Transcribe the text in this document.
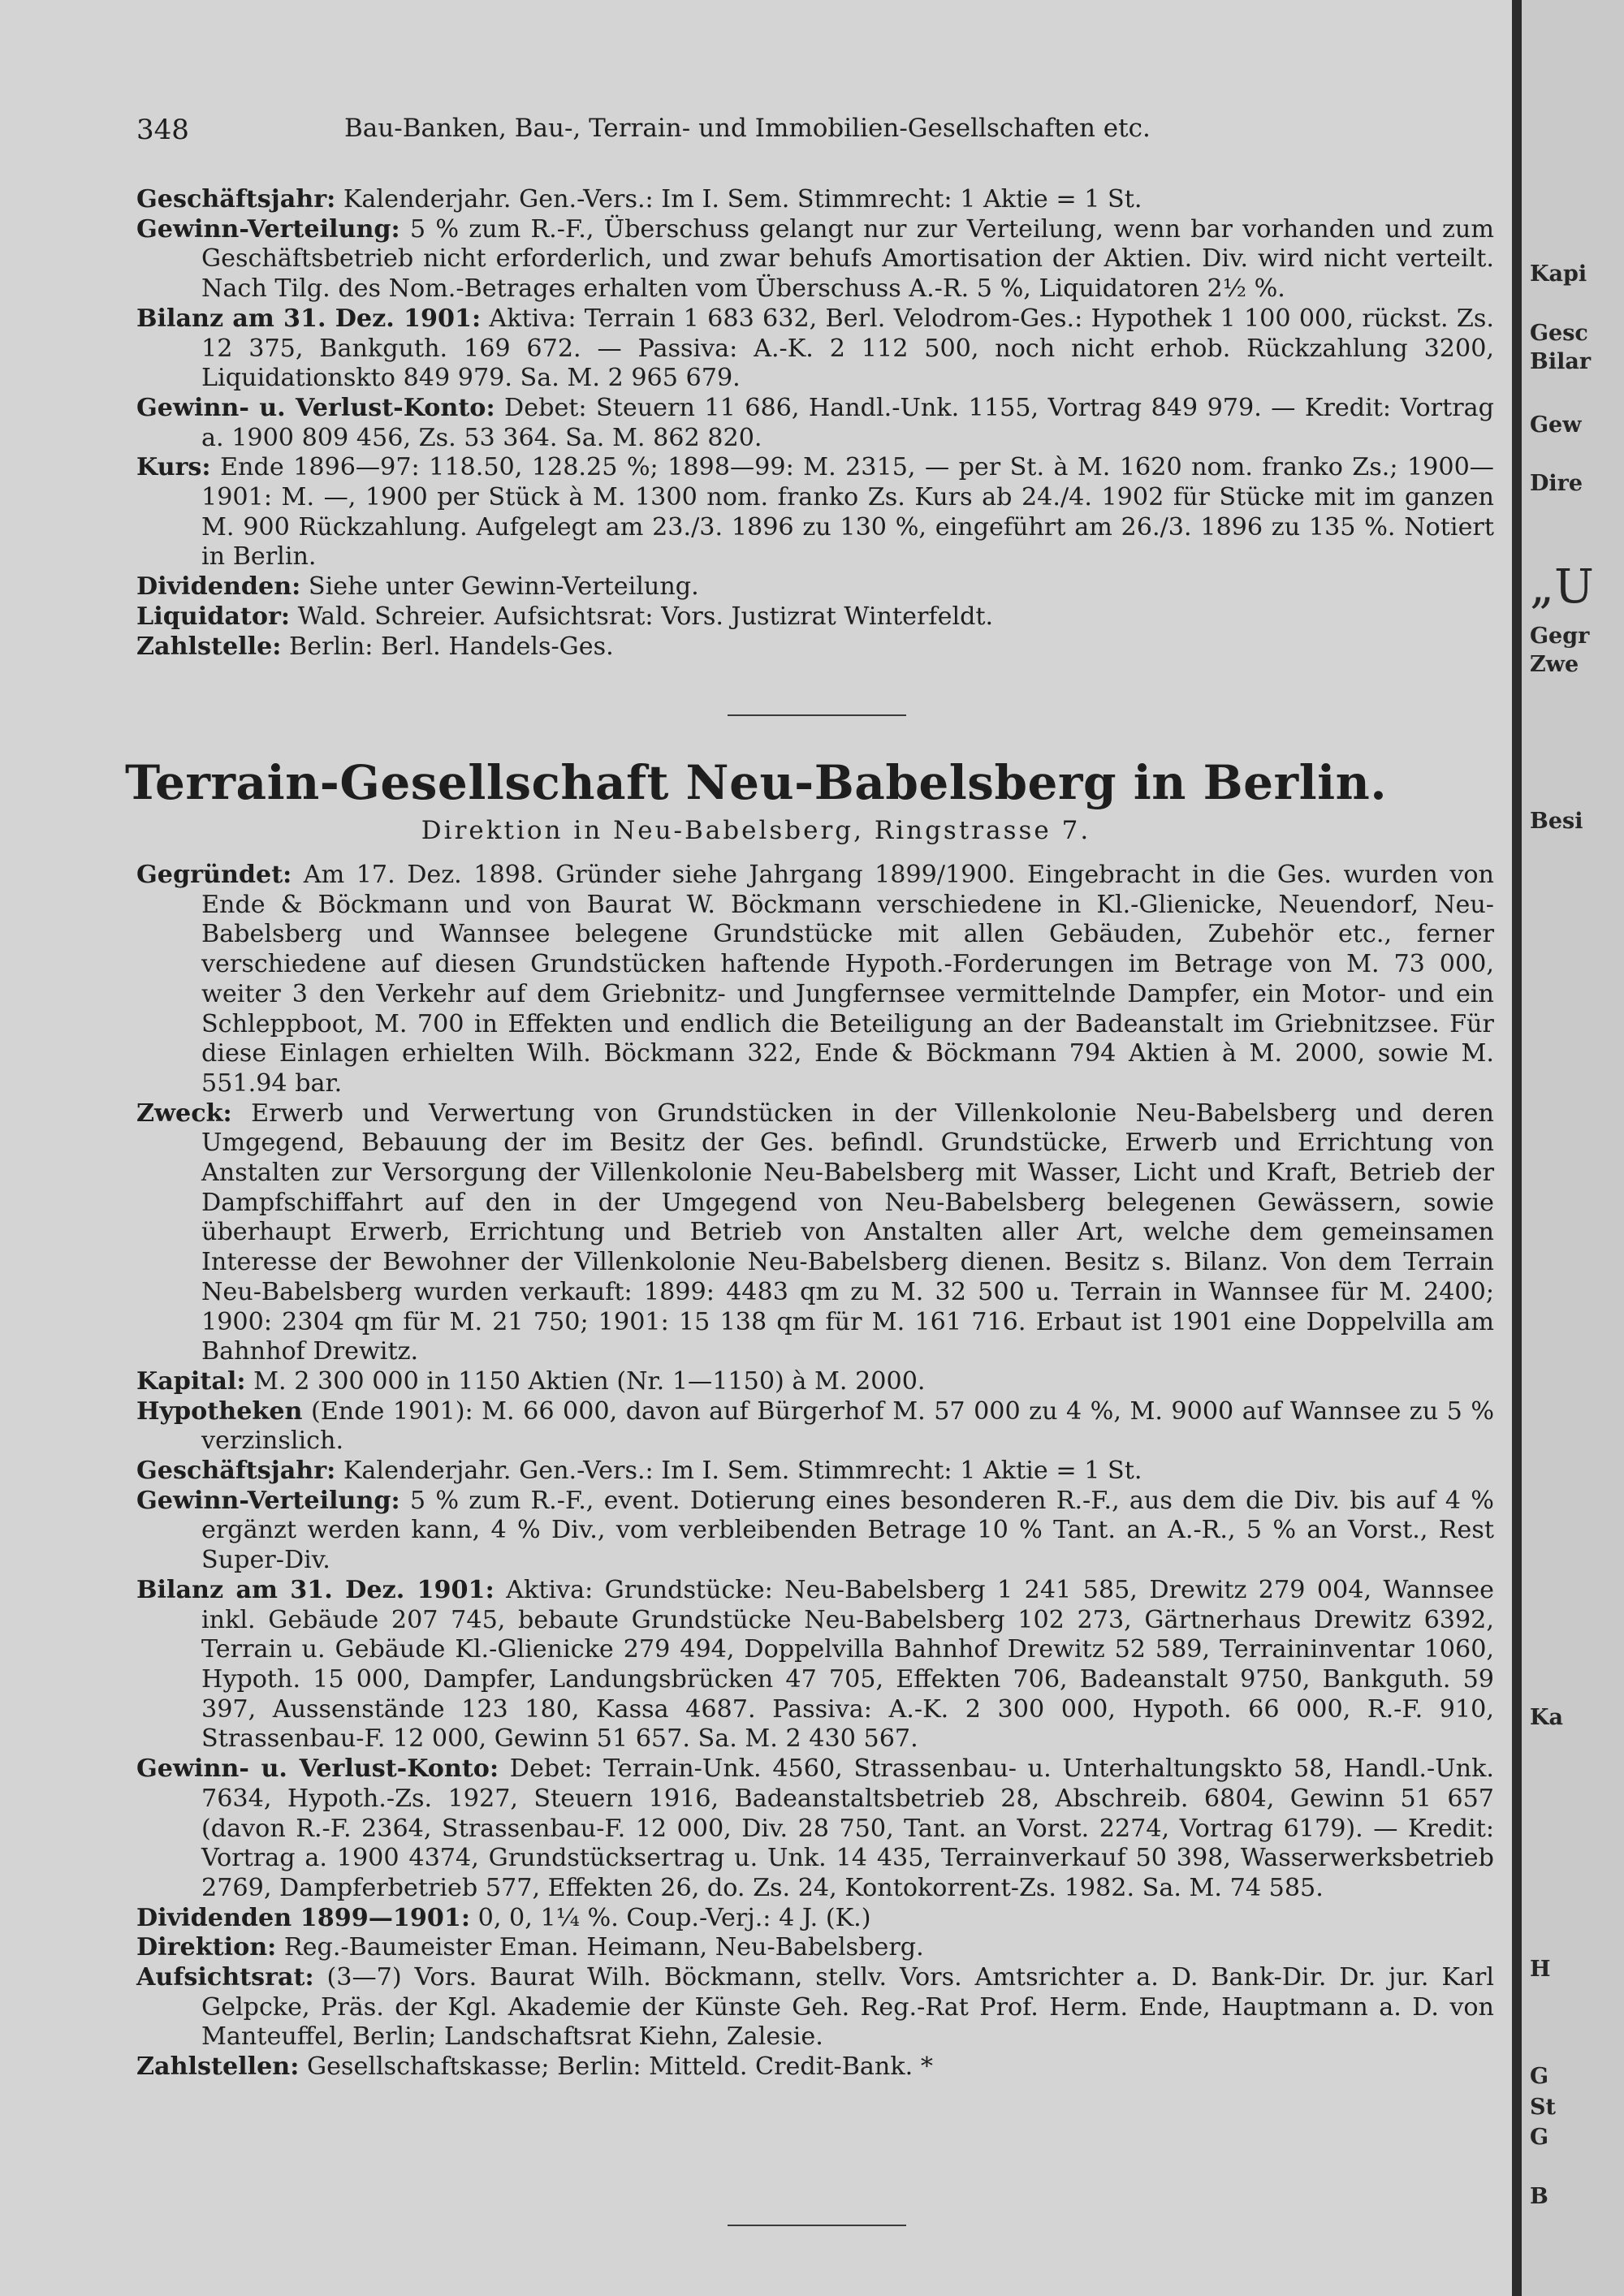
348	Bau-Banken, Bau-, Terrain- und Immobilien-Gesellschaften etc.

Geschäftsjahr: Kalenderjahr. Gen.-Vers.: Im I. Sem. Stimmrecht: 1 Aktie = 1 St.

Gewinn-Verteilung: 5 % zum R.-F., Überschuss gelangt nur zur Verteilung, wenn bar vorhanden und zum Geschäftsbetrieb nicht erforderlich, und zwar behufs Amortisation der Aktien. Div. wird nicht verteilt. Nach Tilg. des Nom.-Betrages erhalten vom Überschuss A.-R. 5 %, Liquidatoren 2½ %.

Bilanz am 31. Dez. 1901: Aktiva: Terrain 1 683 632, Berl. Velodrom-Ges.: Hypothek 1 100 000, rückst. Zs. 12 375, Bankguth. 169 672. — Passiva: A.-K. 2 112 500, noch nicht erhob. Rückzahlung 3200, Liquidationskto 849 979. Sa. M. 2 965 679.

Gewinn- u. Verlust-Konto: Debet: Steuern 11 686, Handl.-Unk. 1155, Vortrag 849 979. — Kredit: Vortrag a. 1900 809 456, Zs. 53 364. Sa. M. 862 820.

Kurs: Ende 1896—97: 118.50, 128.25 %; 1898—99: M. 2315, — per St. à M. 1620 nom. franko Zs.; 1900—1901: M. —, 1900 per Stück à M. 1300 nom. franko Zs. Kurs ab 24./4. 1902 für Stücke mit im ganzen M. 900 Rückzahlung. Aufgelegt am 23./3. 1896 zu 130 %, eingeführt am 26./3. 1896 zu 135 %. Notiert in Berlin.

Dividenden: Siehe unter Gewinn-Verteilung.

Liquidator: Wald. Schreier. Aufsichtsrat: Vors. Justizrat Winterfeldt.

Zahlstelle: Berlin: Berl. Handels-Ges.

Terrain-Gesellschaft Neu-Babelsberg in Berlin.
Direktion in Neu-Babelsberg, Ringstrasse 7.

Gegründet: Am 17. Dez. 1898. Gründer siehe Jahrgang 1899/1900. Eingebracht in die Ges. wurden von Ende & Böckmann und von Baurat W. Böckmann verschiedene in Kl.-Glienicke, Neuendorf, Neu-Babelsberg und Wannsee belegene Grundstücke mit allen Gebäuden, Zubehör etc., ferner verschiedene auf diesen Grundstücken haftende Hypoth.-Forderungen im Betrage von M. 73 000, weiter 3 den Verkehr auf dem Griebnitz- und Jungfernsee vermittelnde Dampfer, ein Motor- und ein Schleppboot, M. 700 in Effekten und endlich die Beteiligung an der Badeanstalt im Griebnitzsee. Für diese Einlagen erhielten Wilh. Böckmann 322, Ende & Böckmann 794 Aktien à M. 2000, sowie M. 551.94 bar.

Zweck: Erwerb und Verwertung von Grundstücken in der Villenkolonie Neu-Babelsberg und deren Umgegend, Bebauung der im Besitz der Ges. befindl. Grundstücke, Erwerb und Errichtung von Anstalten zur Versorgung der Villenkolonie Neu-Babelsberg mit Wasser, Licht und Kraft, Betrieb der Dampfschiffahrt auf den in der Umgegend von Neu-Babelsberg belegenen Gewässern, sowie überhaupt Erwerb, Errichtung und Betrieb von Anstalten aller Art, welche dem gemeinsamen Interesse der Bewohner der Villenkolonie Neu-Babelsberg dienen. Besitz s. Bilanz. Von dem Terrain Neu-Babelsberg wurden verkauft: 1899: 4483 qm zu M. 32 500 u. Terrain in Wannsee für M. 2400; 1900: 2304 qm für M. 21 750; 1901: 15 138 qm für M. 161 716. Erbaut ist 1901 eine Doppelvilla am Bahnhof Drewitz.

Kapital: M. 2 300 000 in 1150 Aktien (Nr. 1—1150) à M. 2000.

Hypotheken (Ende 1901): M. 66 000, davon auf Bürgerhof M. 57 000 zu 4 %, M. 9000 auf Wannsee zu 5 % verzinslich.

Geschäftsjahr: Kalenderjahr. Gen.-Vers.: Im I. Sem. Stimmrecht: 1 Aktie = 1 St.

Gewinn-Verteilung: 5 % zum R.-F., event. Dotierung eines besonderen R.-F., aus dem die Div. bis auf 4 % ergänzt werden kann, 4 % Div., vom verbleibenden Betrage 10 % Tant. an A.-R., 5 % an Vorst., Rest Super-Div.

Bilanz am 31. Dez. 1901: Aktiva: Grundstücke: Neu-Babelsberg 1 241 585, Drewitz 279 004, Wannsee inkl. Gebäude 207 745, bebaute Grundstücke Neu-Babelsberg 102 273, Gärtnerhaus Drewitz 6392, Terrain u. Gebäude Kl.-Glienicke 279 494, Doppelvilla Bahnhof Drewitz 52 589, Terraininventar 1060, Hypoth. 15 000, Dampfer, Landungsbrücken 47 705, Effekten 706, Badeanstalt 9750, Bankguth. 59 397, Aussenstände 123 180, Kassa 4687. Passiva: A.-K. 2 300 000, Hypoth. 66 000, R.-F. 910, Strassenbau-F. 12 000, Gewinn 51 657. Sa. M. 2 430 567.

Gewinn- u. Verlust-Konto: Debet: Terrain-Unk. 4560, Strassenbau- u. Unterhaltungskto 58, Handl.-Unk. 7634, Hypoth.-Zs. 1927, Steuern 1916, Badeanstaltsbetrieb 28, Abschreib. 6804, Gewinn 51 657 (davon R.-F. 2364, Strassenbau-F. 12 000, Div. 28 750, Tant. an Vorst. 2274, Vortrag 6179). — Kredit: Vortrag a. 1900 4374, Grundstücksertrag u. Unk. 14 435, Terrainverkauf 50 398, Wasserwerksbetrieb 2769, Dampferbetrieb 577, Effekten 26, do. Zs. 24, Kontokorrent-Zs. 1982. Sa. M. 74 585.

Dividenden 1899—1901: 0, 0, 1¼ %. Coup.-Verj.: 4 J. (K.)

Direktion: Reg.-Baumeister Eman. Heimann, Neu-Babelsberg.

Aufsichtsrat: (3—7) Vors. Baurat Wilh. Böckmann, stellv. Vors. Amtsrichter a. D. Bank-Dir. Dr. jur. Karl Gelpcke, Präs. der Kgl. Akademie der Künste Geh. Reg.-Rat Prof. Herm. Ende, Hauptmann a. D. von Manteuffel, Berlin; Landschaftsrat Kiehn, Zalesie.

Zahlstellen: Gesellschaftskasse; Berlin: Mitteld. Credit-Bank. *

Kapi
Gesc
Bilar
Gew
Dire
„U
Gegr
Zwe
Besi
Ka
H
G
St
G
B
